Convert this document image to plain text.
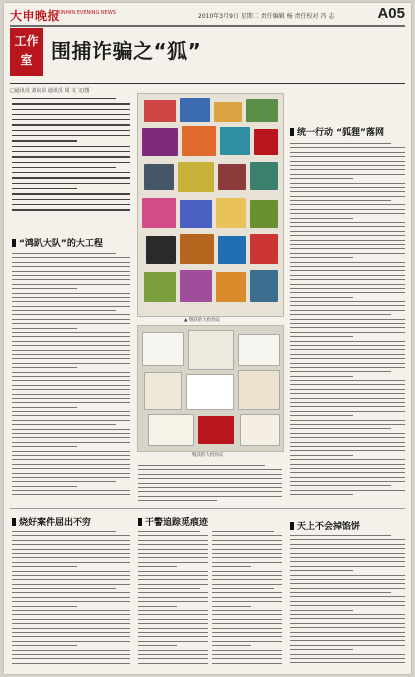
大申晚报
XINMIN EVENING NEWS	2010年3月9日 星期二 责任编辑 杨 责任校对 冯 志	A05
工作
室 围捕诈骗之“狐”
□通讯员 刘东东 通讯员 周 文 文/图
“鸿趴大队”的大工程
烧好案件屈出不穷
▲ 缴获的大批伪证
缴获的大批伪证
干警追踪觅痕迹
统一行动 “狐狸”落网
天上不会掉馅饼
